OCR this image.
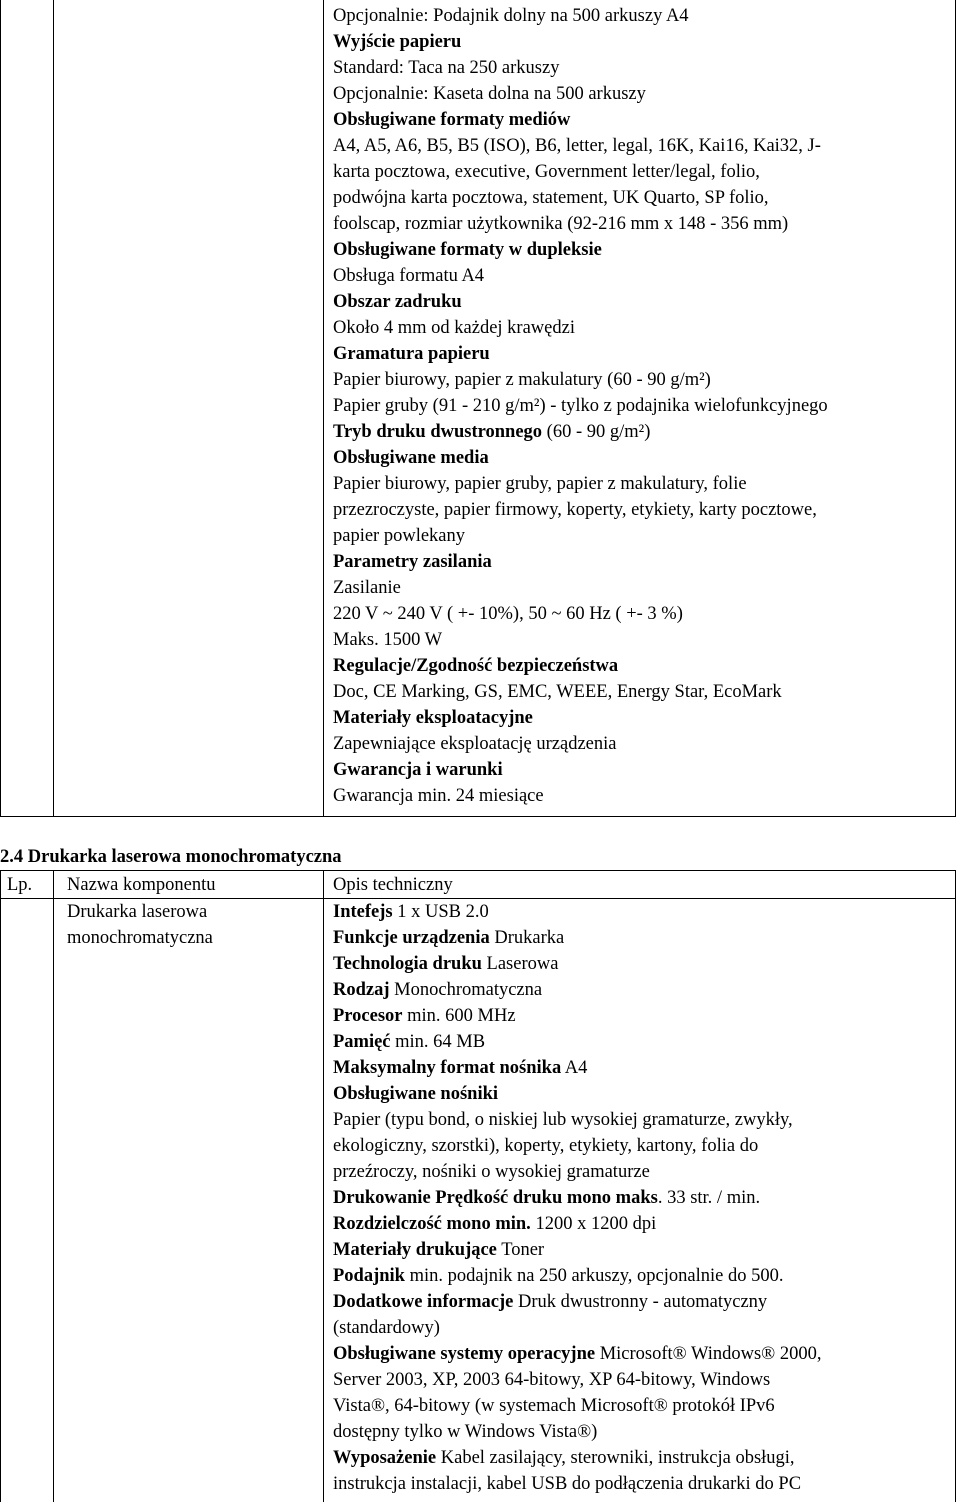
Opcjonalnie: Podajnik dolny na 500 arkuszy A4
Wyjście papieru
Standard: Taca na 250 arkuszy
Opcjonalnie: Kaseta dolna na 500 arkuszy
Obsługiwane formaty mediów
A4, A5, A6, B5, B5 (ISO), B6, letter, legal, 16K, Kai16, Kai32, J-
karta pocztowa, executive, Government letter/legal, folio,
podwójna karta pocztowa, statement, UK Quarto, SP folio,
foolscap, rozmiar użytkownika (92-216 mm x 148 - 356 mm)
Obsługiwane formaty w dupleksie
Obsługa formatu A4
Obszar zadruku
Około 4 mm od każdej krawędzi
Gramatura papieru
Papier biurowy, papier z makulatury (60 - 90 g/m²)
Papier gruby (91 - 210 g/m²) - tylko z podajnika wielofunkcyjnego
Tryb druku dwustronnego (60 - 90 g/m²)
Obsługiwane media
Papier biurowy, papier gruby, papier z makulatury, folie
przezroczyste, papier firmowy, koperty, etykiety, karty pocztowe,
papier powlekany
Parametry zasilania
Zasilanie
220 V ~ 240 V ( +- 10%), 50 ~ 60 Hz ( +- 3 %)
Maks. 1500 W
Regulacje/Zgodność bezpieczeństwa
Doc, CE Marking, GS, EMC, WEEE, Energy Star, EcoMark
Materiały eksploatacyjne
Zapewniające eksploatację urządzenia
Gwarancja i warunki
Gwarancja min. 24 miesiące
2.4 Drukarka laserowa monochromatyczna
Lp. Nazwa komponentu	Opis techniczny
Drukarka laserowa
monochromatyczna
Intefejs 1 x USB 2.0
Funkcje urządzenia Drukarka
Technologia druku Laserowa
Rodzaj Monochromatyczna
Procesor min. 600 MHz
Pamięć min. 64 MB
Maksymalny format nośnika A4
Obsługiwane nośniki
Papier (typu bond, o niskiej lub wysokiej gramaturze, zwykły,
ekologiczny, szorstki), koperty, etykiety, kartony, folia do
przeźroczy, nośniki o wysokiej gramaturze
Drukowanie Prędkość druku mono maks. 33 str. / min.
Rozdzielczość mono min. 1200 x 1200 dpi
Materiały drukujące Toner
Podajnik min. podajnik na 250 arkuszy, opcjonalnie do 500.
Dodatkowe informacje Druk dwustronny - automatyczny
(standardowy)
Obsługiwane systemy operacyjne Microsoft® Windows® 2000,
Server 2003, XP, 2003 64-bitowy, XP 64-bitowy, Windows
Vista®, 64-bitowy (w systemach Microsoft® protokół IPv6
dostępny tylko w Windows Vista®)
Wyposażenie Kabel zasilający, sterowniki, instrukcja obsługi,
instrukcja instalacji, kabel USB do podłączenia drukarki do PC
